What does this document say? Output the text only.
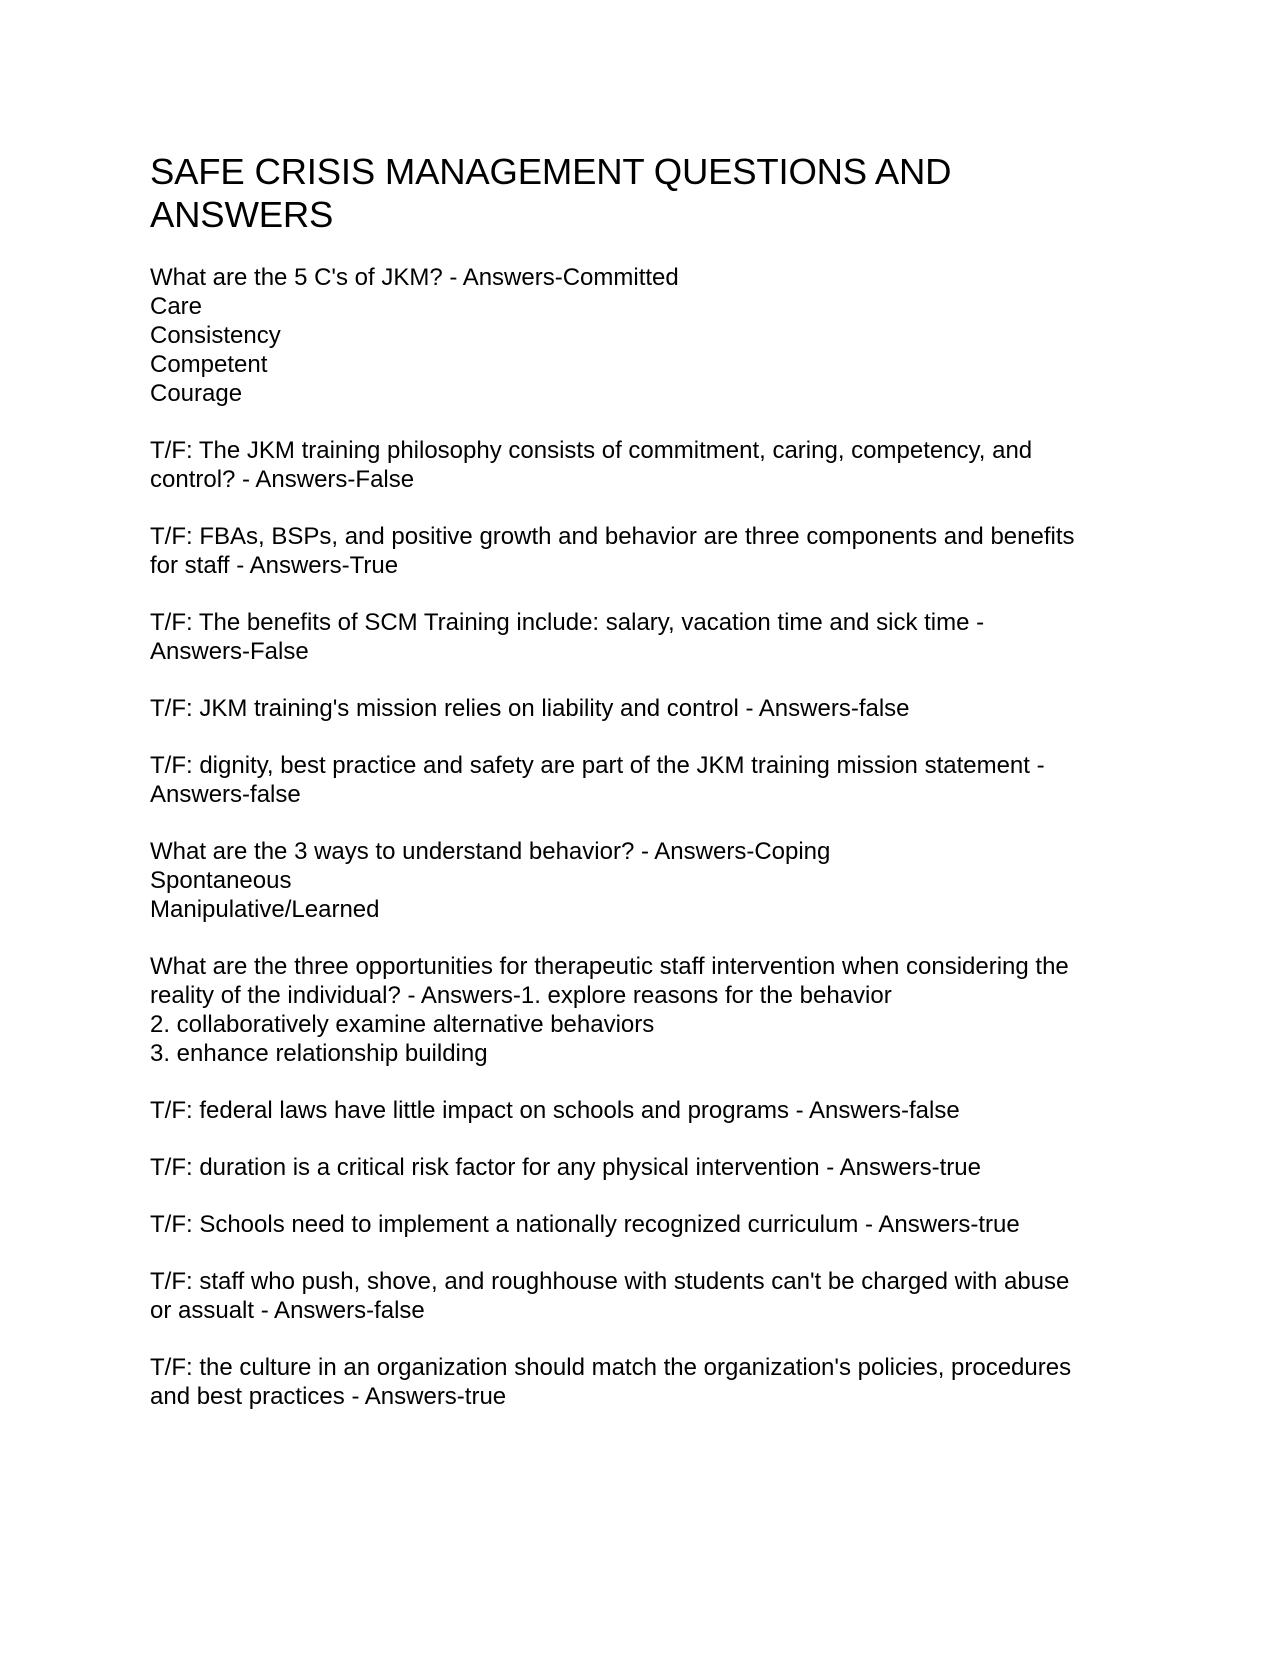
SAFE CRISIS MANAGEMENT QUESTIONS AND
ANSWERS

What are the 5 C's of JKM? - Answers-Committed
Care
Consistency
Competent
Courage

T/F: The JKM training philosophy consists of commitment, caring, competency, and
control? - Answers-False

T/F: FBAs, BSPs, and positive growth and behavior are three components and benefits
for staff - Answers-True

T/F: The benefits of SCM Training include: salary, vacation time and sick time -
Answers-False

T/F: JKM training's mission relies on liability and control - Answers-false

T/F: dignity, best practice and safety are part of the JKM training mission statement -
Answers-false

What are the 3 ways to understand behavior? - Answers-Coping
Spontaneous
Manipulative/Learned

What are the three opportunities for therapeutic staff intervention when considering the
reality of the individual? - Answers-1. explore reasons for the behavior
2. collaboratively examine alternative behaviors
3. enhance relationship building

T/F: federal laws have little impact on schools and programs - Answers-false

T/F: duration is a critical risk factor for any physical intervention - Answers-true

T/F: Schools need to implement a nationally recognized curriculum - Answers-true

T/F: staff who push, shove, and roughhouse with students can't be charged with abuse
or assualt - Answers-false

T/F: the culture in an organization should match the organization's policies, procedures
and best practices - Answers-true
